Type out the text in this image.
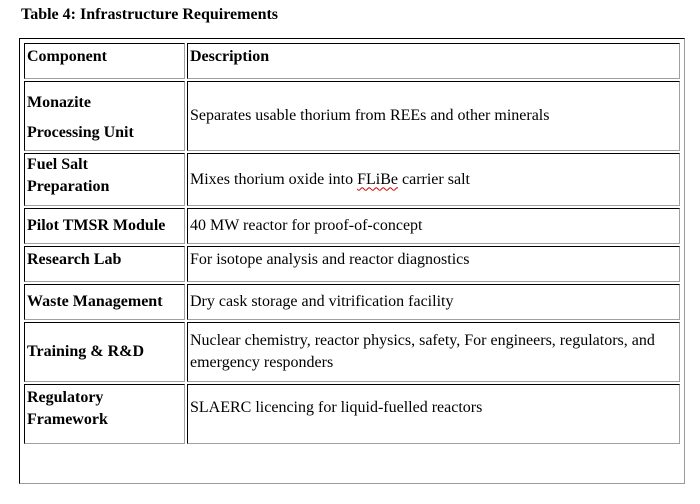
Table 4: Infrastructure Requirements
Component	Description

Monazite
Processing Unit	Separates usable thorium from REEs and other minerals

Fuel Salt
Preparation	Mixes thorium oxide into FLiBe carrier salt
Pilot TMSR Module	40 MW reactor for proof-of-concept
Research Lab	For isotope analysis and reactor diagnostics
Waste Management	Dry cask storage and vitrification facility
Training & R&D	Nuclear chemistry, reactor physics, safety, For engineers, regulators, and emergency responders

Regulatory
Framework	SLAERC licencing for liquid-fuelled reactors
